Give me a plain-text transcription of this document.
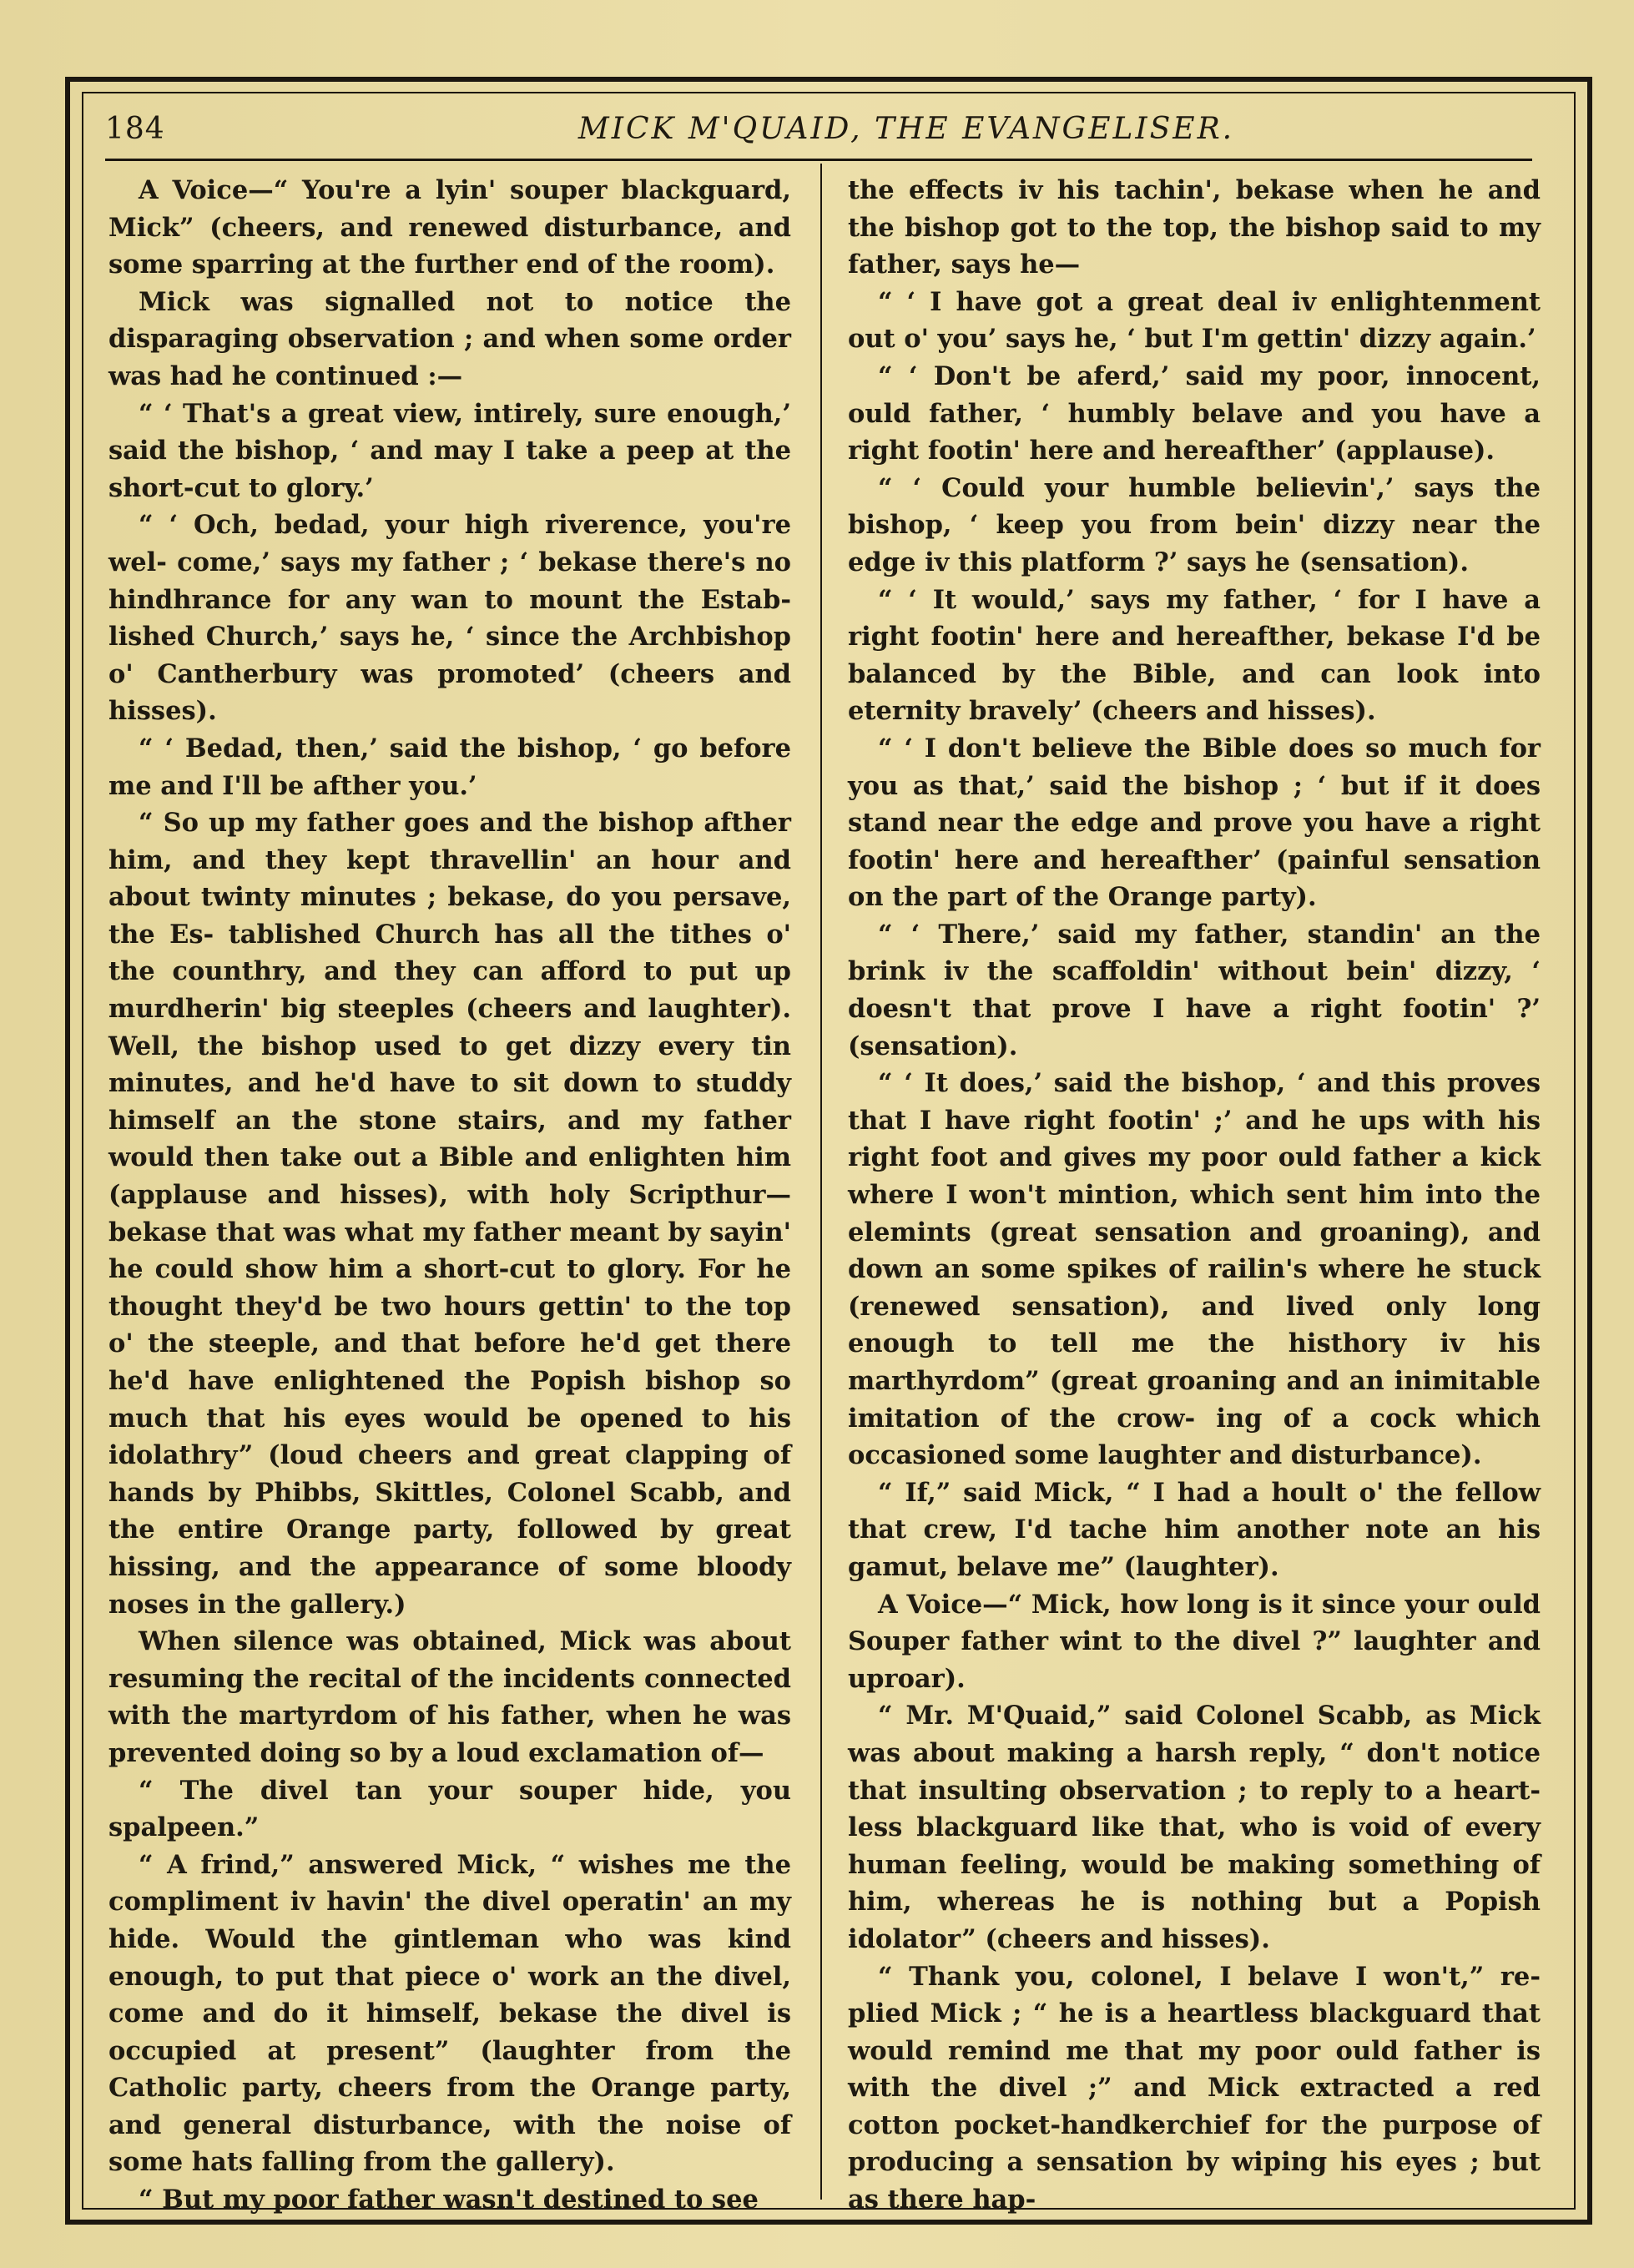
184	MICK M'QUAID, THE EVANGELISER.

A Voice—“ You're a lyin' souper blackguard, Mick” (cheers, and renewed disturbance, and some sparring at the further end of the room).

Mick was signalled not to notice the disparaging observation ; and when some order was had he continued :—

“ ‘ That's a great view, intirely, sure enough,’ said the bishop, ‘ and may I take a peep at the short-cut to glory.’

“ ‘ Och, bedad, your high riverence, you're wel- come,’ says my father ; ‘ bekase there's no hindhrance for any wan to mount the Estab- lished Church,’ says he, ‘ since the Archbishop o' Cantherbury was promoted’ (cheers and hisses).

“ ‘ Bedad, then,’ said the bishop, ‘ go before me and I'll be afther you.’

“ So up my father goes and the bishop afther him, and they kept thravellin' an hour and about twinty minutes ; bekase, do you persave, the Es- tablished Church has all the tithes o' the counthry, and they can afford to put up murdherin' big steeples (cheers and laughter). Well, the bishop used to get dizzy every tin minutes, and he'd have to sit down to studdy himself an the stone stairs, and my father would then take out a Bible and enlighten him (applause and hisses), with holy Scripthur—bekase that was what my father meant by sayin' he could show him a short-cut to glory. For he thought they'd be two hours gettin' to the top o' the steeple, and that before he'd get there he'd have enlightened the Popish bishop so much that his eyes would be opened to his idolathry” (loud cheers and great clapping of hands by Phibbs, Skittles, Colonel Scabb, and the entire Orange party, followed by great hissing, and the appearance of some bloody noses in the gallery.)

When silence was obtained, Mick was about resuming the recital of the incidents connected with the martyrdom of his father, when he was prevented doing so by a loud exclamation of—

“ The divel tan your souper hide, you spalpeen.”

“ A frind,” answered Mick, “ wishes me the compliment iv havin' the divel operatin' an my hide. Would the gintleman who was kind enough, to put that piece o' work an the divel, come and do it himself, bekase the divel is occupied at present” (laughter from the Catholic party, cheers from the Orange party, and general disturbance, with the noise of some hats falling from the gallery).

“ But my poor father wasn't destined to see

the effects iv his tachin', bekase when he and the bishop got to the top, the bishop said to my father, says he—

“ ‘ I have got a great deal iv enlightenment out o' you’ says he, ‘ but I'm gettin' dizzy again.’

“ ‘ Don't be aferd,’ said my poor, innocent, ould father, ‘ humbly belave and you have a right footin' here and hereafther’ (applause).

“ ‘ Could your humble believin',’ says the bishop, ‘ keep you from bein' dizzy near the edge iv this platform ?’ says he (sensation).

“ ‘ It would,’ says my father, ‘ for I have a right footin' here and hereafther, bekase I'd be balanced by the Bible, and can look into eternity bravely’ (cheers and hisses).

“ ‘ I don't believe the Bible does so much for you as that,’ said the bishop ; ‘ but if it does stand near the edge and prove you have a right footin' here and hereafther’ (painful sensation on the part of the Orange party).

“ ‘ There,’ said my father, standin' an the brink iv the scaffoldin' without bein' dizzy, ‘ doesn't that prove I have a right footin' ?’ (sensation).

“ ‘ It does,’ said the bishop, ‘ and this proves that I have right footin' ;’ and he ups with his right foot and gives my poor ould father a kick where I won't mintion, which sent him into the elemints (great sensation and groaning), and down an some spikes of railin's where he stuck (renewed sensation), and lived only long enough to tell me the histhory iv his marthyrdom” (great groaning and an inimitable imitation of the crow- ing of a cock which occasioned some laughter and disturbance).

“ If,” said Mick, “ I had a hoult o' the fellow that crew, I'd tache him another note an his gamut, belave me” (laughter).

A Voice—“ Mick, how long is it since your ould Souper father wint to the divel ?” laughter and uproar).

“ Mr. M'Quaid,” said Colonel Scabb, as Mick was about making a harsh reply, “ don't notice that insulting observation ; to reply to a heart- less blackguard like that, who is void of every human feeling, would be making something of him, whereas he is nothing but a Popish idolator” (cheers and hisses).

“ Thank you, colonel, I belave I won't,” re- plied Mick ; “ he is a heartless blackguard that would remind me that my poor ould father is with the divel ;” and Mick extracted a red cotton pocket-handkerchief for the purpose of producing a sensation by wiping his eyes ; but as there hap-
